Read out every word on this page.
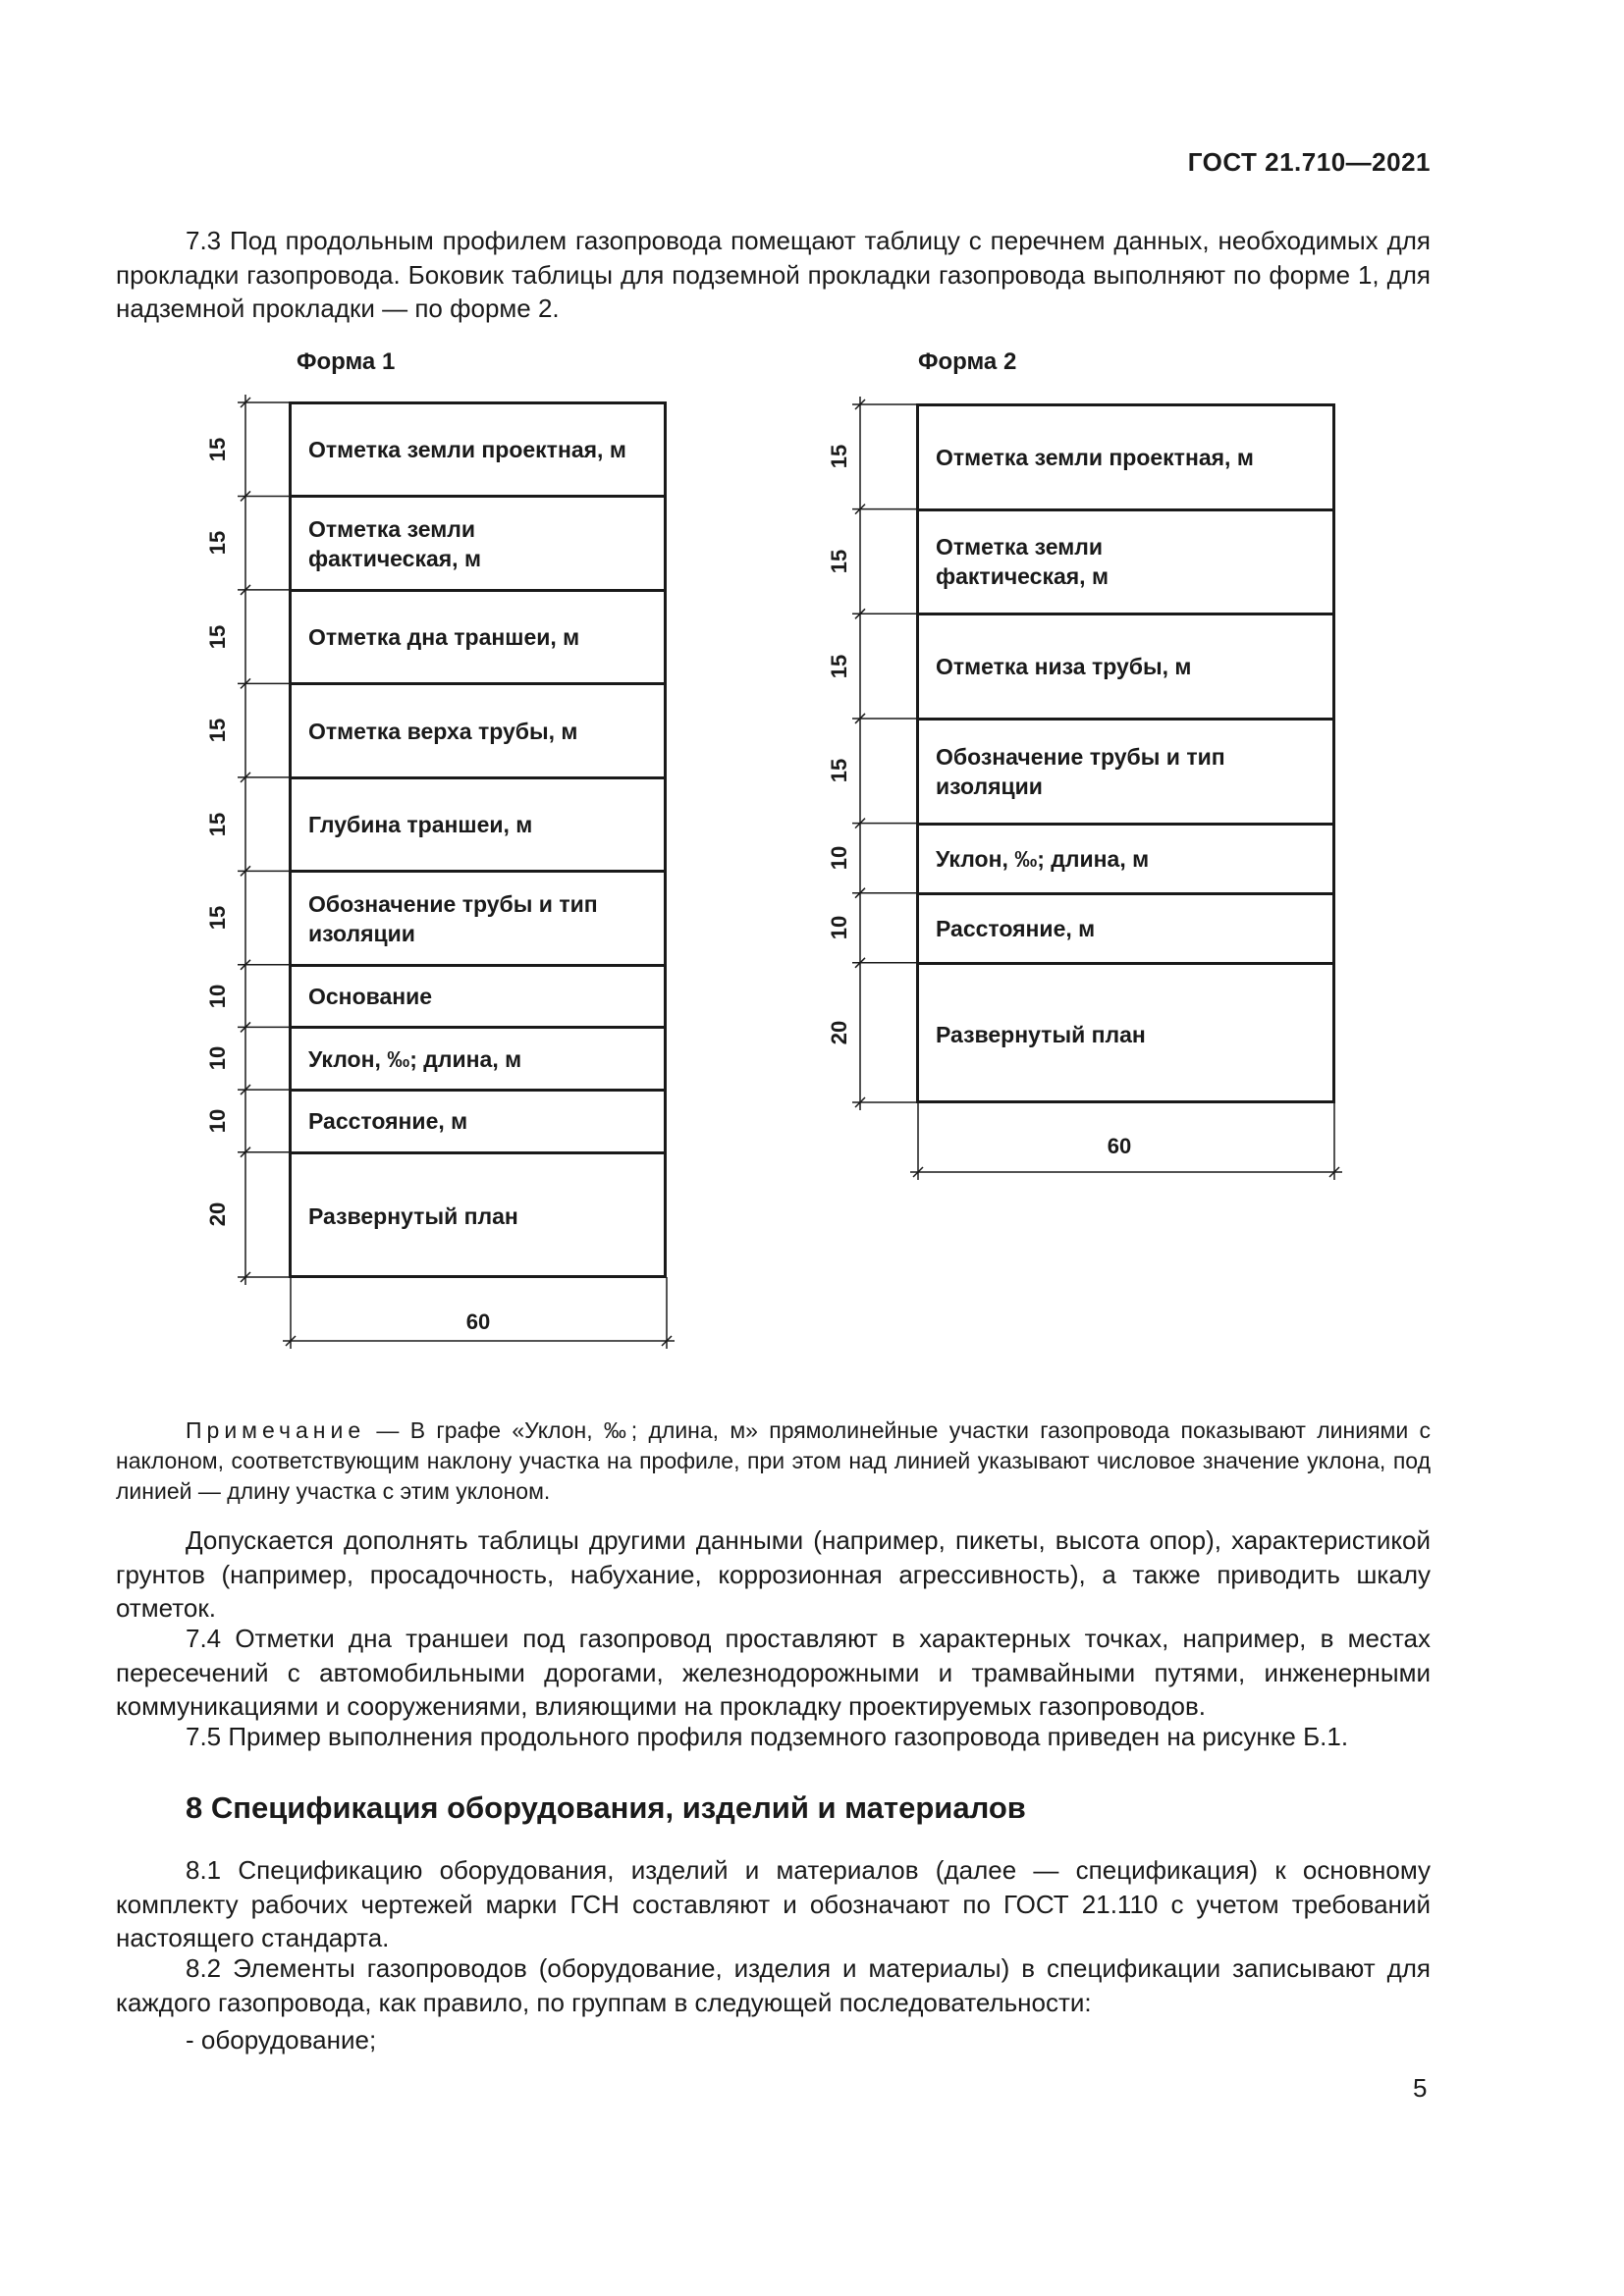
ГОСТ 21.710—2021

7.3 Под продольным профилем газопровода помещают таблицу с перечнем данных, необходимых для прокладки газопровода. Боковик таблицы для подземной прокладки газопровода выполняют по форме 1, для надземной прокладки — по форме 2.

Форма 1
Отметка земли проектная, м
Отметка земли фактическая, м
Отметка дна траншеи, м
Отметка верха трубы, м
Глубина траншеи, м
Обозначение трубы и тип изоляции
Основание
Уклон, ‰; длина, м
Расстояние, м
Развернутый план
15
15
15
15
15
15
10
10
10
20
60
Форма 2
Отметка земли проектная, м
Отметка земли фактическая, м
Отметка низа трубы, м
Обозначение трубы и тип изоляции
Уклон, ‰; длина, м
Расстояние, м
Развернутый план
15
15
15
15
10
10
20
60

Примечание — В графе «Уклон, ‰; длина, м» прямолинейные участки газопровода показывают линиями с наклоном, соответствующим наклону участка на профиле, при этом над линией указывают числовое значение уклона, под линией — длину участка с этим уклоном.

Допускается дополнять таблицы другими данными (например, пикеты, высота опор), характеристикой грунтов (например, просадочность, набухание, коррозионная агрессивность), а также приводить шкалу отметок.

7.4 Отметки дна траншеи под газопровод проставляют в характерных точках, например, в местах пересечений с автомобильными дорогами, железнодорожными и трамвайными путями, инженерными коммуникациями и сооружениями, влияющими на прокладку проектируемых газопроводов.

7.5 Пример выполнения продольного профиля подземного газопровода приведен на рисунке Б.1.

8 Спецификация оборудования, изделий и материалов

8.1 Спецификацию оборудования, изделий и материалов (далее — спецификация) к основному комплекту рабочих чертежей марки ГСН составляют и обозначают по ГОСТ 21.110 с учетом требований настоящего стандарта.

8.2 Элементы газопроводов (оборудование, изделия и материалы) в спецификации записывают для каждого газопровода, как правило, по группам в следующей последовательности:

- оборудование;
5
